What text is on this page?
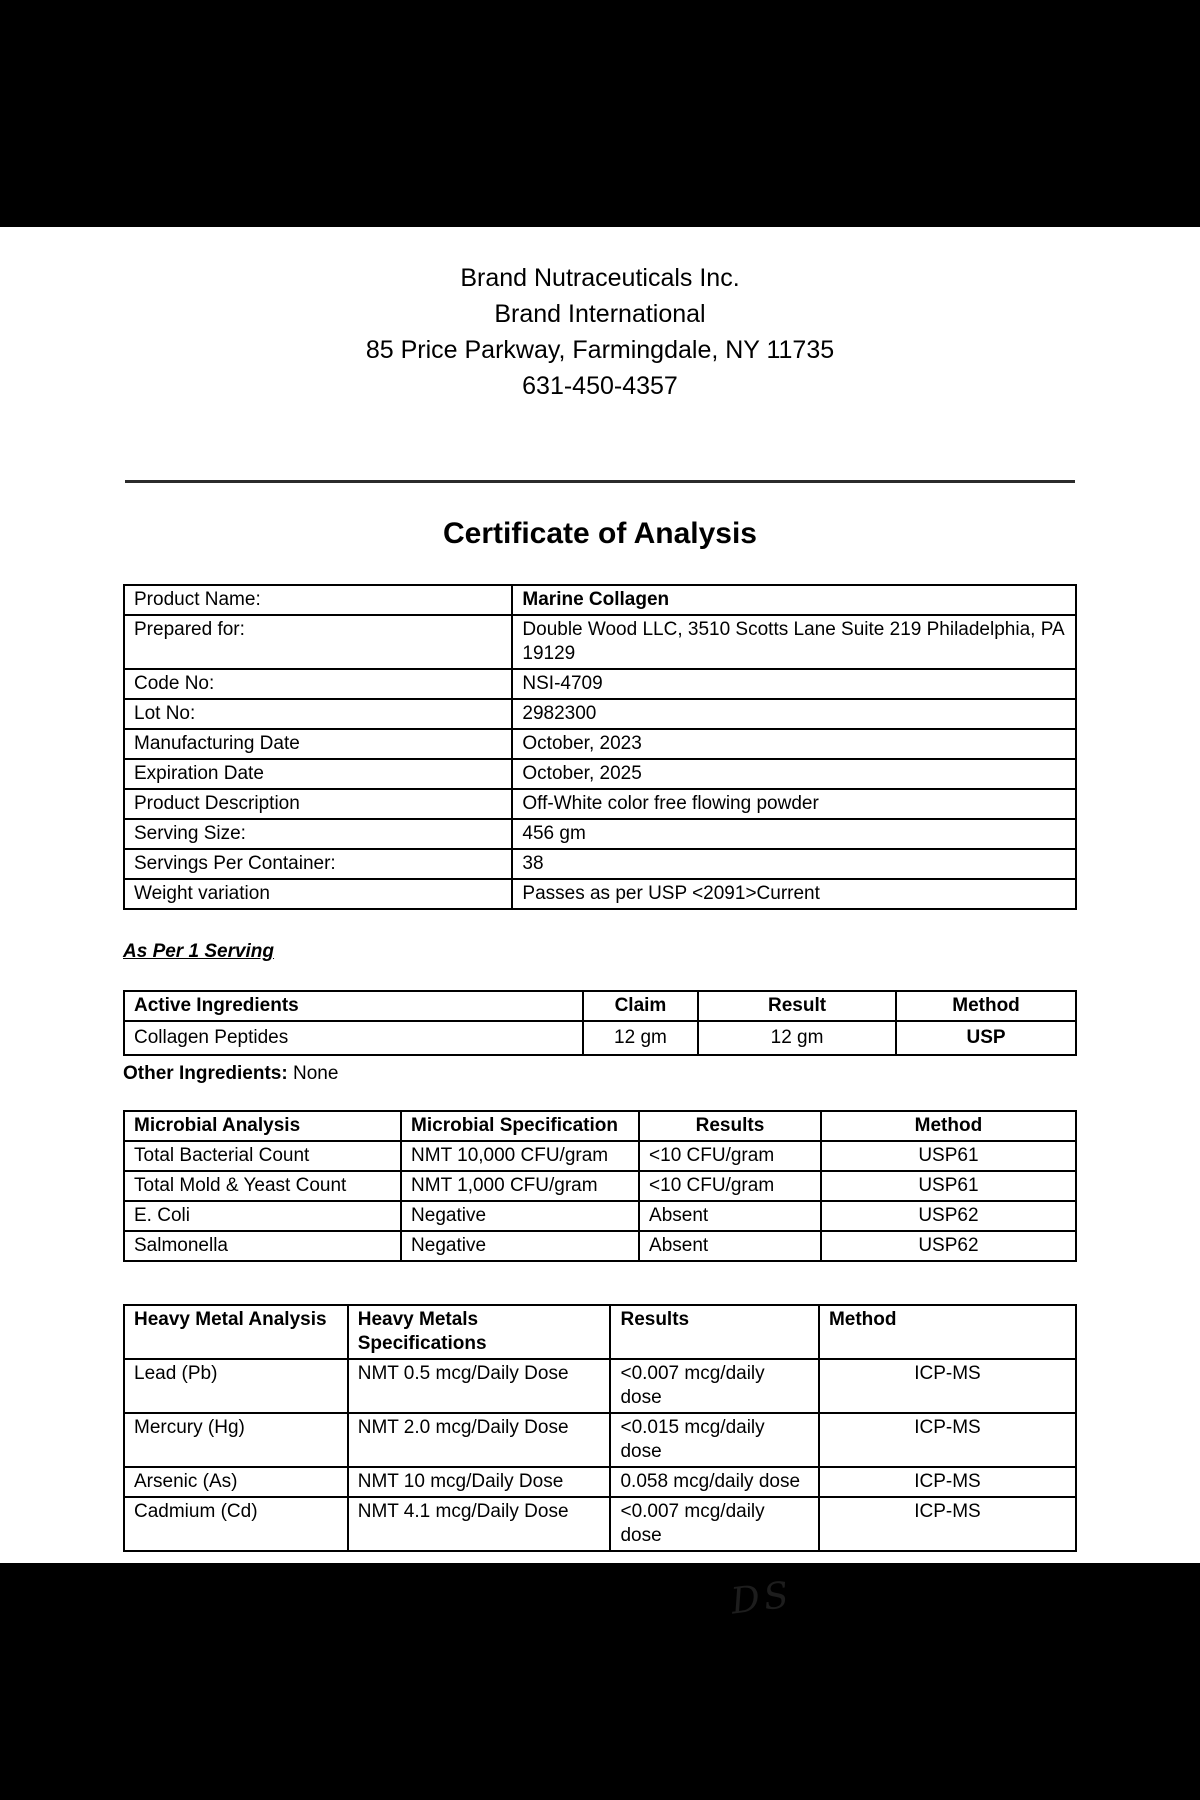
Brand Nutraceuticals Inc.
Brand International
85 Price Parkway, Farmingdale, NY 11735
631-450-4357
Certificate of Analysis
Product Name:	Marine Collagen
Prepared for:	Double Wood LLC, 3510 Scotts Lane Suite 219 Philadelphia, PA 19129
Code No:	NSI-4709
Lot No:	2982300
Manufacturing Date	October, 2023
Expiration Date	October, 2025
Product Description	Off-White color free flowing powder
Serving Size:	456 gm
Servings Per Container:	38
Weight variation	Passes as per USP <2091>Current
As Per 1 Serving
Active Ingredients	Claim	Result	Method
Collagen Peptides	12 gm	12 gm	USP
Other Ingredients: None
Microbial Analysis	Microbial Specification	Results	Method
Total Bacterial Count	NMT 10,000 CFU/gram	<10 CFU/gram	USP61
Total Mold & Yeast Count	NMT 1,000 CFU/gram	<10 CFU/gram	USP61
E. Coli	Negative	Absent	USP62
Salmonella	Negative	Absent	USP62
Heavy Metal Analysis	Heavy Metals Specifications	Results	Method
Lead (Pb)	NMT 0.5 mcg/Daily Dose	<0.007 mcg/daily dose	ICP-MS
Mercury (Hg)	NMT 2.0 mcg/Daily Dose	<0.015 mcg/daily dose	ICP-MS
Arsenic (As)	NMT 10 mcg/Daily Dose	0.058 mcg/daily dose	ICP-MS
Cadmium (Cd)	NMT 4.1 mcg/Daily Dose	<0.007 mcg/daily dose	ICP-MS
DS
Quality Control
11/15/2023
